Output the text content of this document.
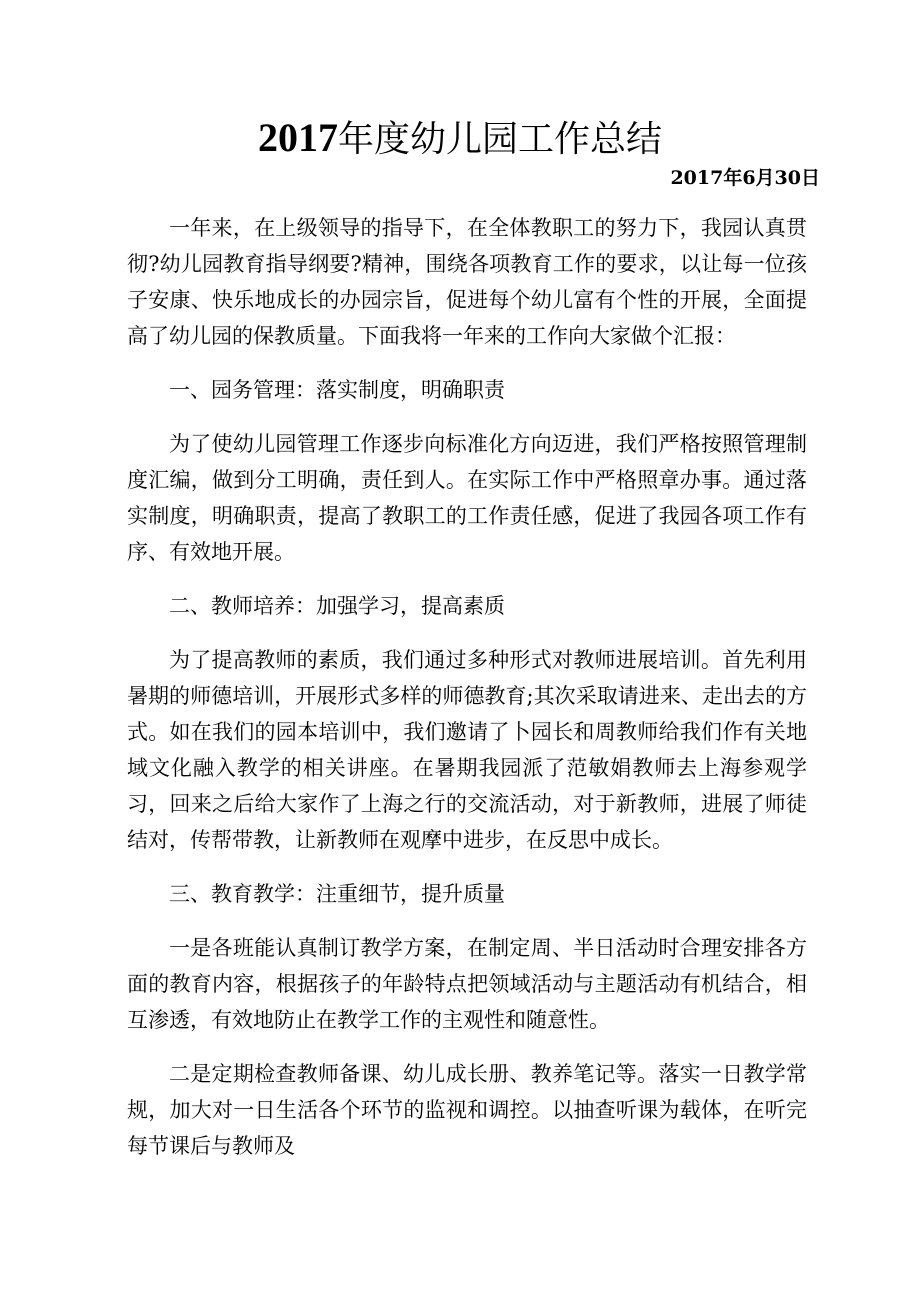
2017年度幼儿园工作总结
2017年6月30日

一年来，在上级领导的指导下，在全体教职工的努力下，我园认真贯彻?幼儿园教育指导纲要?精神，围绕各项教育工作的要求，以让每一位孩子安康、快乐地成长的办园宗旨，促进每个幼儿富有个性的开展，全面提高了幼儿园的保教质量。下面我将一年来的工作向大家做个汇报：

一、园务管理：落实制度，明确职责

为了使幼儿园管理工作逐步向标准化方向迈进，我们严格按照管理制度汇编，做到分工明确，责任到人。在实际工作中严格照章办事。通过落实制度，明确职责，提高了教职工的工作责任感，促进了我园各项工作有序、有效地开展。

二、教师培养：加强学习，提高素质

为了提高教师的素质，我们通过多种形式对教师进展培训。首先利用暑期的师德培训，开展形式多样的师德教育;其次采取请进来、走出去的方式。如在我们的园本培训中，我们邀请了卜园长和周教师给我们作有关地域文化融入教学的相关讲座。在暑期我园派了范敏娟教师去上海参观学习，回来之后给大家作了上海之行的交流活动，对于新教师，进展了师徒结对，传帮带教，让新教师在观摩中进步，在反思中成长。

三、教育教学：注重细节，提升质量

一是各班能认真制订教学方案，在制定周、半日活动时合理安排各方面的教育内容，根据孩子的年龄特点把领域活动与主题活动有机结合，相互渗透，有效地防止在教学工作的主观性和随意性。

二是定期检查教师备课、幼儿成长册、教养笔记等。落实一日教学常规，加大对一日生活各个环节的监视和调控。以抽查听课为载体，在听完每节课后与教师及
